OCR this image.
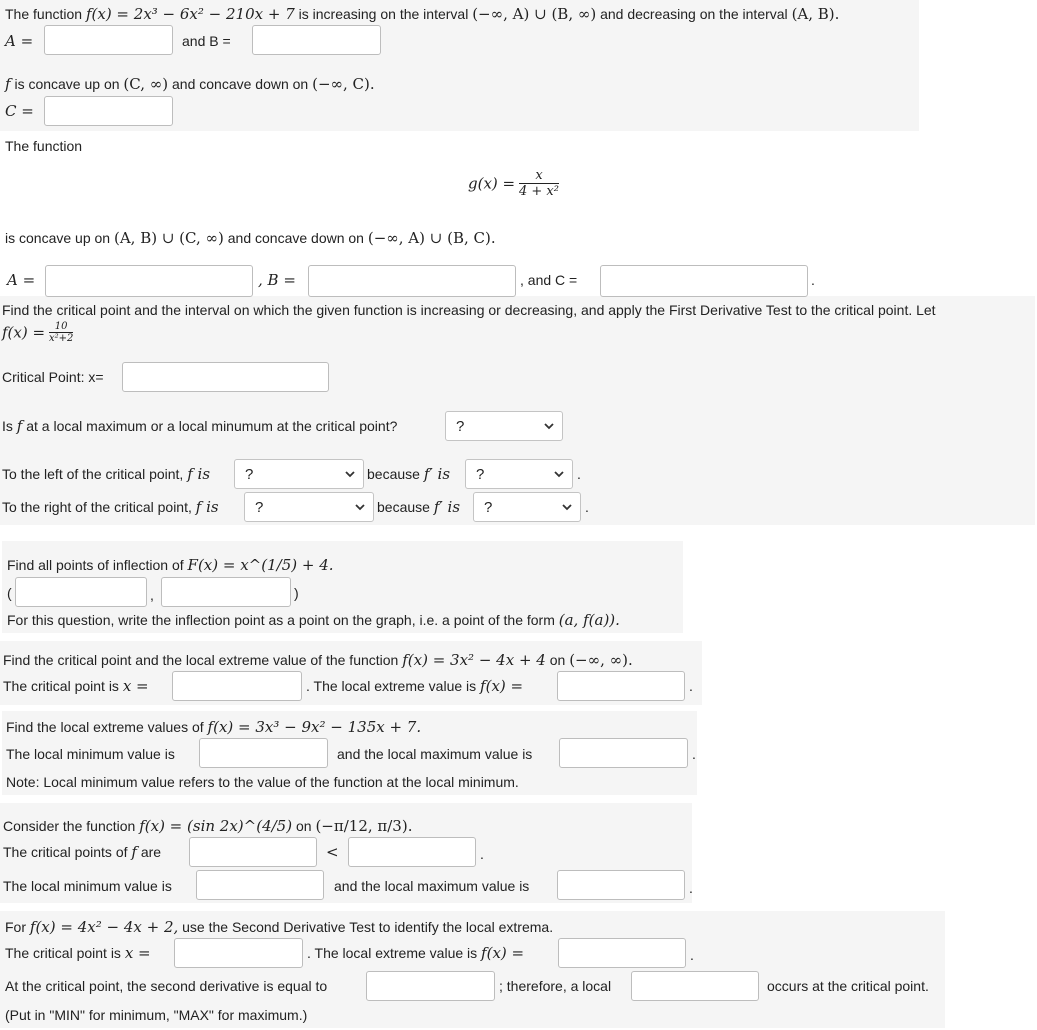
The function f(x) = 2x³ − 6x² − 210x + 7 is increasing on the interval (−∞, A) ∪ (B, ∞) and decreasing on the interval (A, B).
A =	and B =
f is concave up on (C, ∞) and concave down on (−∞, C).
C =
The function
$g(x) = \frac{x}{\text{4 + x²}}$
is concave up on (A, B) ∪ (C, ∞) and concave down on (−∞, A) ∪ (B, C).
A =	, B =	, and C =	.
Find the critical point and the interval on which the given function is increasing or decreasing, and apply the First Derivative Test to the critical point. Let
$f(x) = \frac{10}{\text{x²+2}}$
Critical Point: x=
Is f at a local maximum or a local minumum at the critical point?	?
To the left of the critical point, f is ?	because f′ is ?	.
To the right of the critical point, f is ?	because f′ is ?	.
Find all points of inflection of F(x) = x^(1/5) + 4.
(	,	)
For this question, write the inflection point as a point on the graph, i.e. a point of the form (a, f(a)).
Find the critical point and the local extreme value of the function f(x) = 3x² − 4x + 4 on (−∞, ∞).
The critical point is x =	. The local extreme value is f(x) =	.
Find the local extreme values of f(x) = 3x³ − 9x² − 135x + 7.
The local minimum value is	and the local maximum value is	.
Note: Local minimum value refers to the value of the function at the local minimum.
Consider the function f(x) = (sin 2x)^(4/5) on (−π/12, π/3).
The critical points of f are	<	.
The local minimum value is	and the local maximum value is	.
For f(x) = 4x² − 4x + 2, use the Second Derivative Test to identify the local extrema.
The critical point is x =	. The local extreme value is f(x) =	.
At the critical point, the second derivative is equal to	; therefore, a local	occurs at the critical point.
(Put in "MIN" for minimum, "MAX" for maximum.)
